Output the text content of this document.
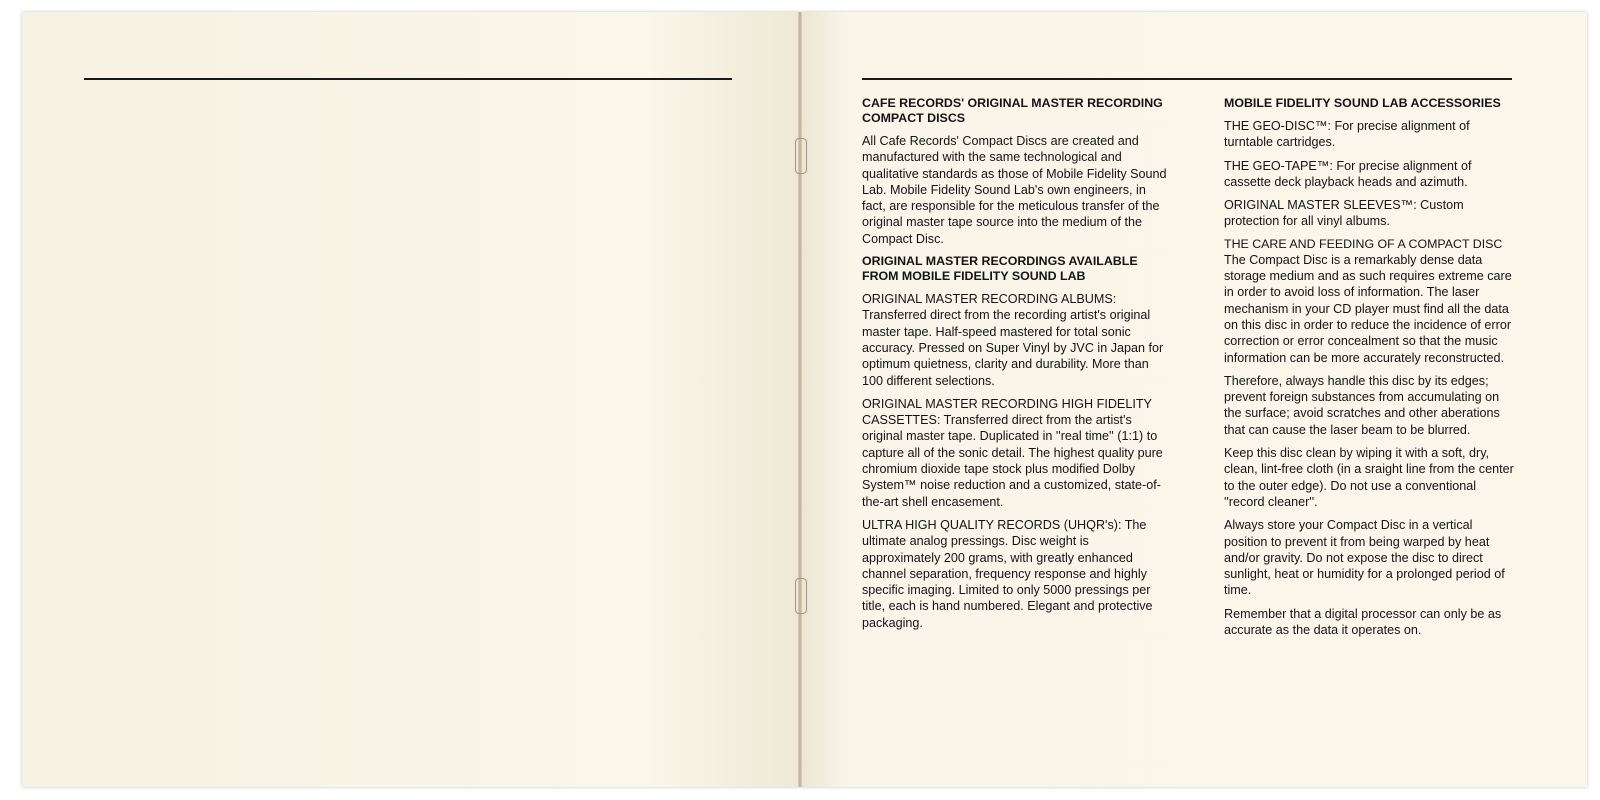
CAFE RECORDS' ORIGINAL MASTER RECORDING COMPACT DISCS

All Cafe Records' Compact Discs are created and manufactured with the same technological and qualitative standards as those of Mobile Fidelity Sound Lab. Mobile Fidelity Sound Lab's own engineers, in fact, are responsible for the meticulous transfer of the original master tape source into the medium of the Compact Disc.

ORIGINAL MASTER RECORDINGS AVAILABLE FROM MOBILE FIDELITY SOUND LAB

ORIGINAL MASTER RECORDING ALBUMS: Transferred direct from the recording artist's original master tape. Half-speed mastered for total sonic accuracy. Pressed on Super Vinyl by JVC in Japan for optimum quietness, clarity and durability. More than 100 different selections.

ORIGINAL MASTER RECORDING HIGH FIDELITY CASSETTES: Transferred direct from the artist's original master tape. Duplicated in ''real time'' (1:1) to capture all of the sonic detail. The highest quality pure chromium dioxide tape stock plus modified Dolby System™ noise reduction and a customized, state-of-the-art shell encasement.

ULTRA HIGH QUALITY RECORDS (UHQR's): The ultimate analog pressings. Disc weight is approximately 200 grams, with greatly enhanced channel separation, frequency response and highly specific imaging. Limited to only 5000 pressings per title, each is hand numbered. Elegant and protective packaging.

MOBILE FIDELITY SOUND LAB ACCESSORIES

THE GEO-DISC™: For precise alignment of turntable cartridges.

THE GEO-TAPE™: For precise alignment of cassette deck playback heads and azimuth.

ORIGINAL MASTER SLEEVES™: Custom protection for all vinyl albums.

THE CARE AND FEEDING OF A COMPACT DISC

The Compact Disc is a remarkably dense data storage medium and as such requires extreme care in order to avoid loss of information. The laser mechanism in your CD player must find all the data on this disc in order to reduce the incidence of error correction or error concealment so that the music information can be more accurately reconstructed.

Therefore, always handle this disc by its edges; prevent foreign substances from accumulating on the surface; avoid scratches and other aberations that can cause the laser beam to be blurred.

Keep this disc clean by wiping it with a soft, dry, clean, lint-free cloth (in a sraight line from the center to the outer edge). Do not use a conventional ''record cleaner''.

Always store your Compact Disc in a vertical position to prevent it from being warped by heat and/or gravity. Do not expose the disc to direct sunlight, heat or humidity for a prolonged period of time.

Remember that a digital processor can only be as accurate as the data it operates on.
